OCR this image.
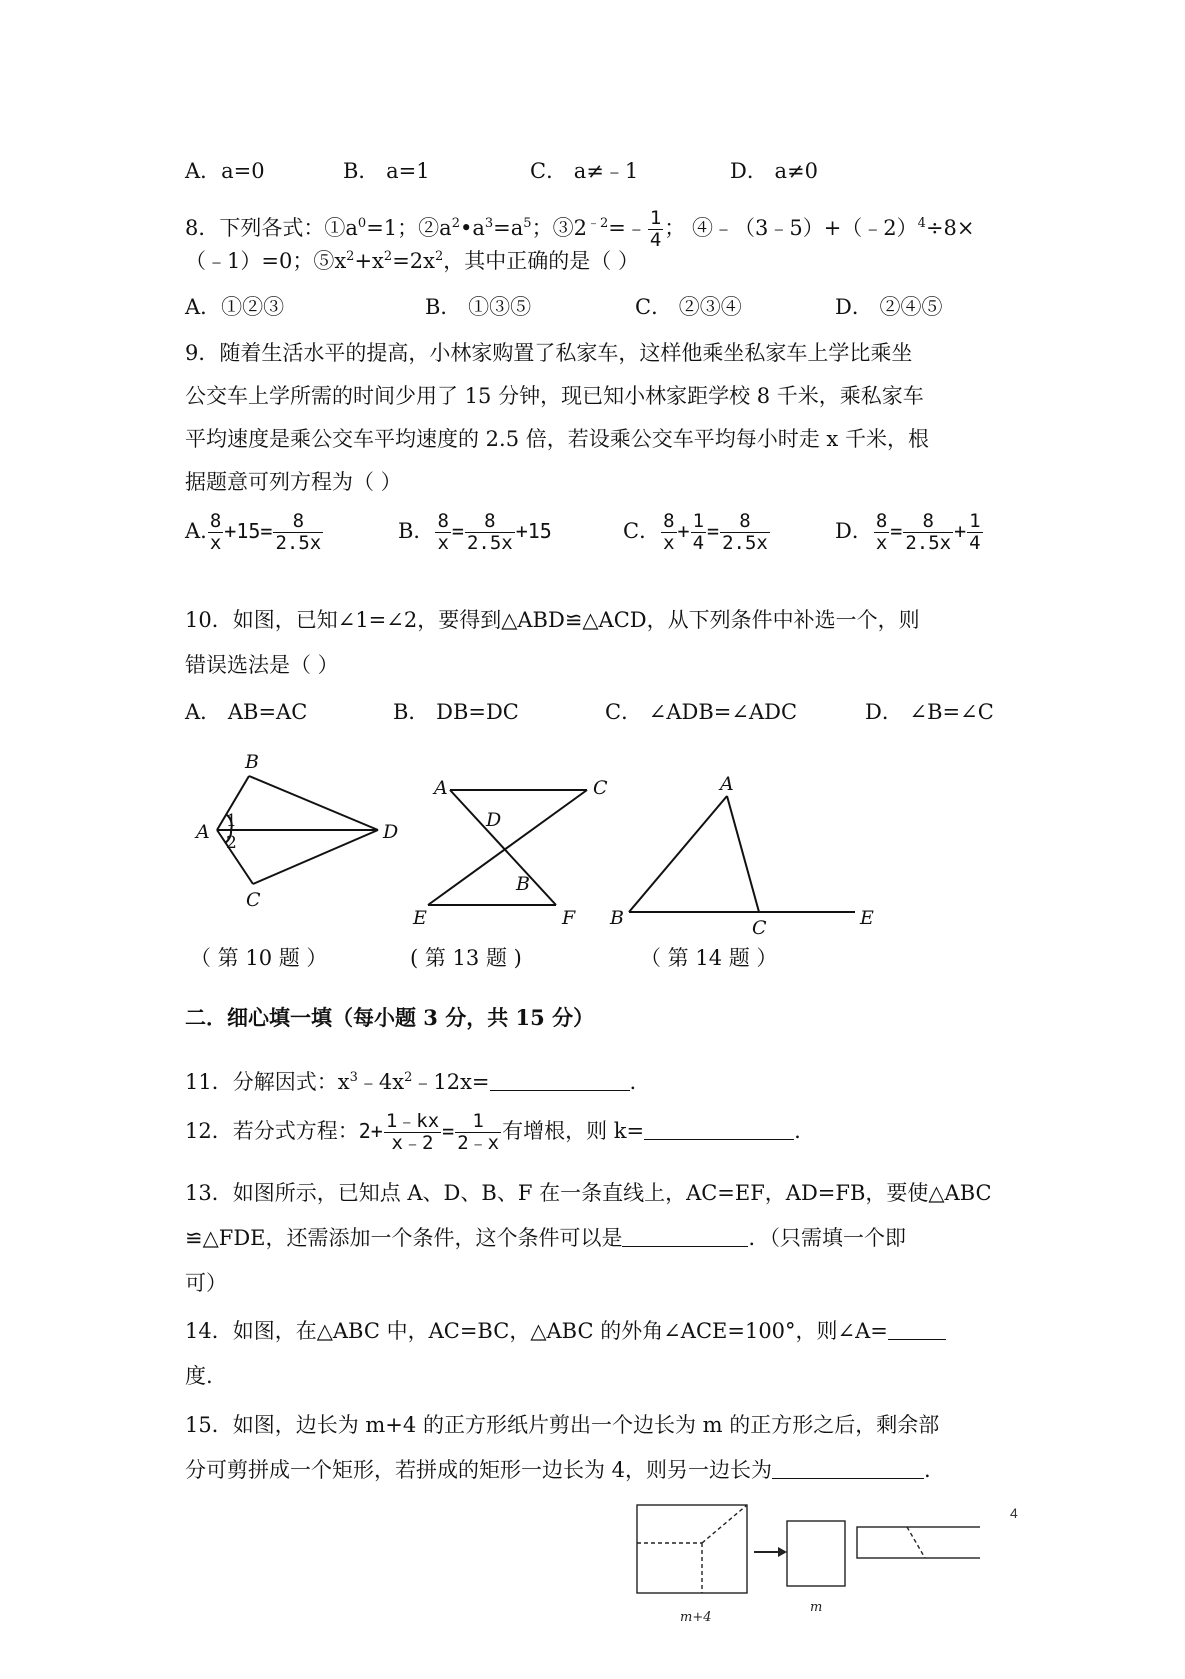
A．a=0	B． a=1	C． a≠﹣1	D． a≠0
8．下列各式：$①a^0=1$；$②a^2•a^3=a^5$；$③2^{﹣2}=﹣ \frac{1}{4}$ ； ④﹣（3﹣5）+（﹣2）$^4$÷8×
（﹣1）=0；$⑤x^2+x^2=2x^2$，其中正确的是（ ）
A．①②③	B． ①③⑤	C． ②③④	D． ②④⑤
9．随着生活水平的提高，小林家购置了私家车，这样他乘坐私家车上学比乘坐
公交车上学所需的时间少用了 15 分钟，现已知小林家距学校 8 千米，乘私家车
平均速度是乘公交车平均速度的 2.5 倍，若设乘公交车平均每小时走 x 千米，根
据题意可列方程为（ ）
A. $\frac{8}{x} +15= \frac{8}{2.5x}$	B． $\frac{8}{x} = \frac{8}{2.5x} +15$	C． $\frac{8}{x} + \frac{1}{4} = \frac{8}{2.5x}$	D． $\frac{8}{x} = \frac{8}{2.5x} + \frac{1}{4}$
10．如图，已知∠1=∠2，要得到△ABD≌△ACD，从下列条件中补选一个，则
错误选法是（ ）
A． AB=AC	B． DB=DC	C． ∠ADB=∠ADC	D． ∠B=∠C
B
A 1
2	D
C
A	C
D
B
E	F
A
B	C	E
（ 第 10 题 ）	( 第 13 题 )	（ 第 14 题 ）
二．细心填一填（每小题 3 分，共 15 分）
11．分解因式：$x^3﹣4x^2﹣12x=$	.
12．若分式方程：$2+ \frac{1﹣kx}{x﹣2} = \frac{1}{2﹣x}$ 有增根，则 k=	.
13．如图所示，已知点 A、D、B、F 在一条直线上，AC=EF，AD=FB，要使△ABC
≌△FDE，还需添加一个条件，这个条件可以是	．（只需填一个即
可）
14．如图，在△ABC 中，AC=BC，△ABC 的外角∠ACE=100°，则∠A=
度.
15．如图，边长为 m+4 的正方形纸片剪出一个边长为 m 的正方形之后，剩余部
分可剪拼成一个矩形，若拼成的矩形一边长为 4，则另一边长为	.
m+4
m
4
